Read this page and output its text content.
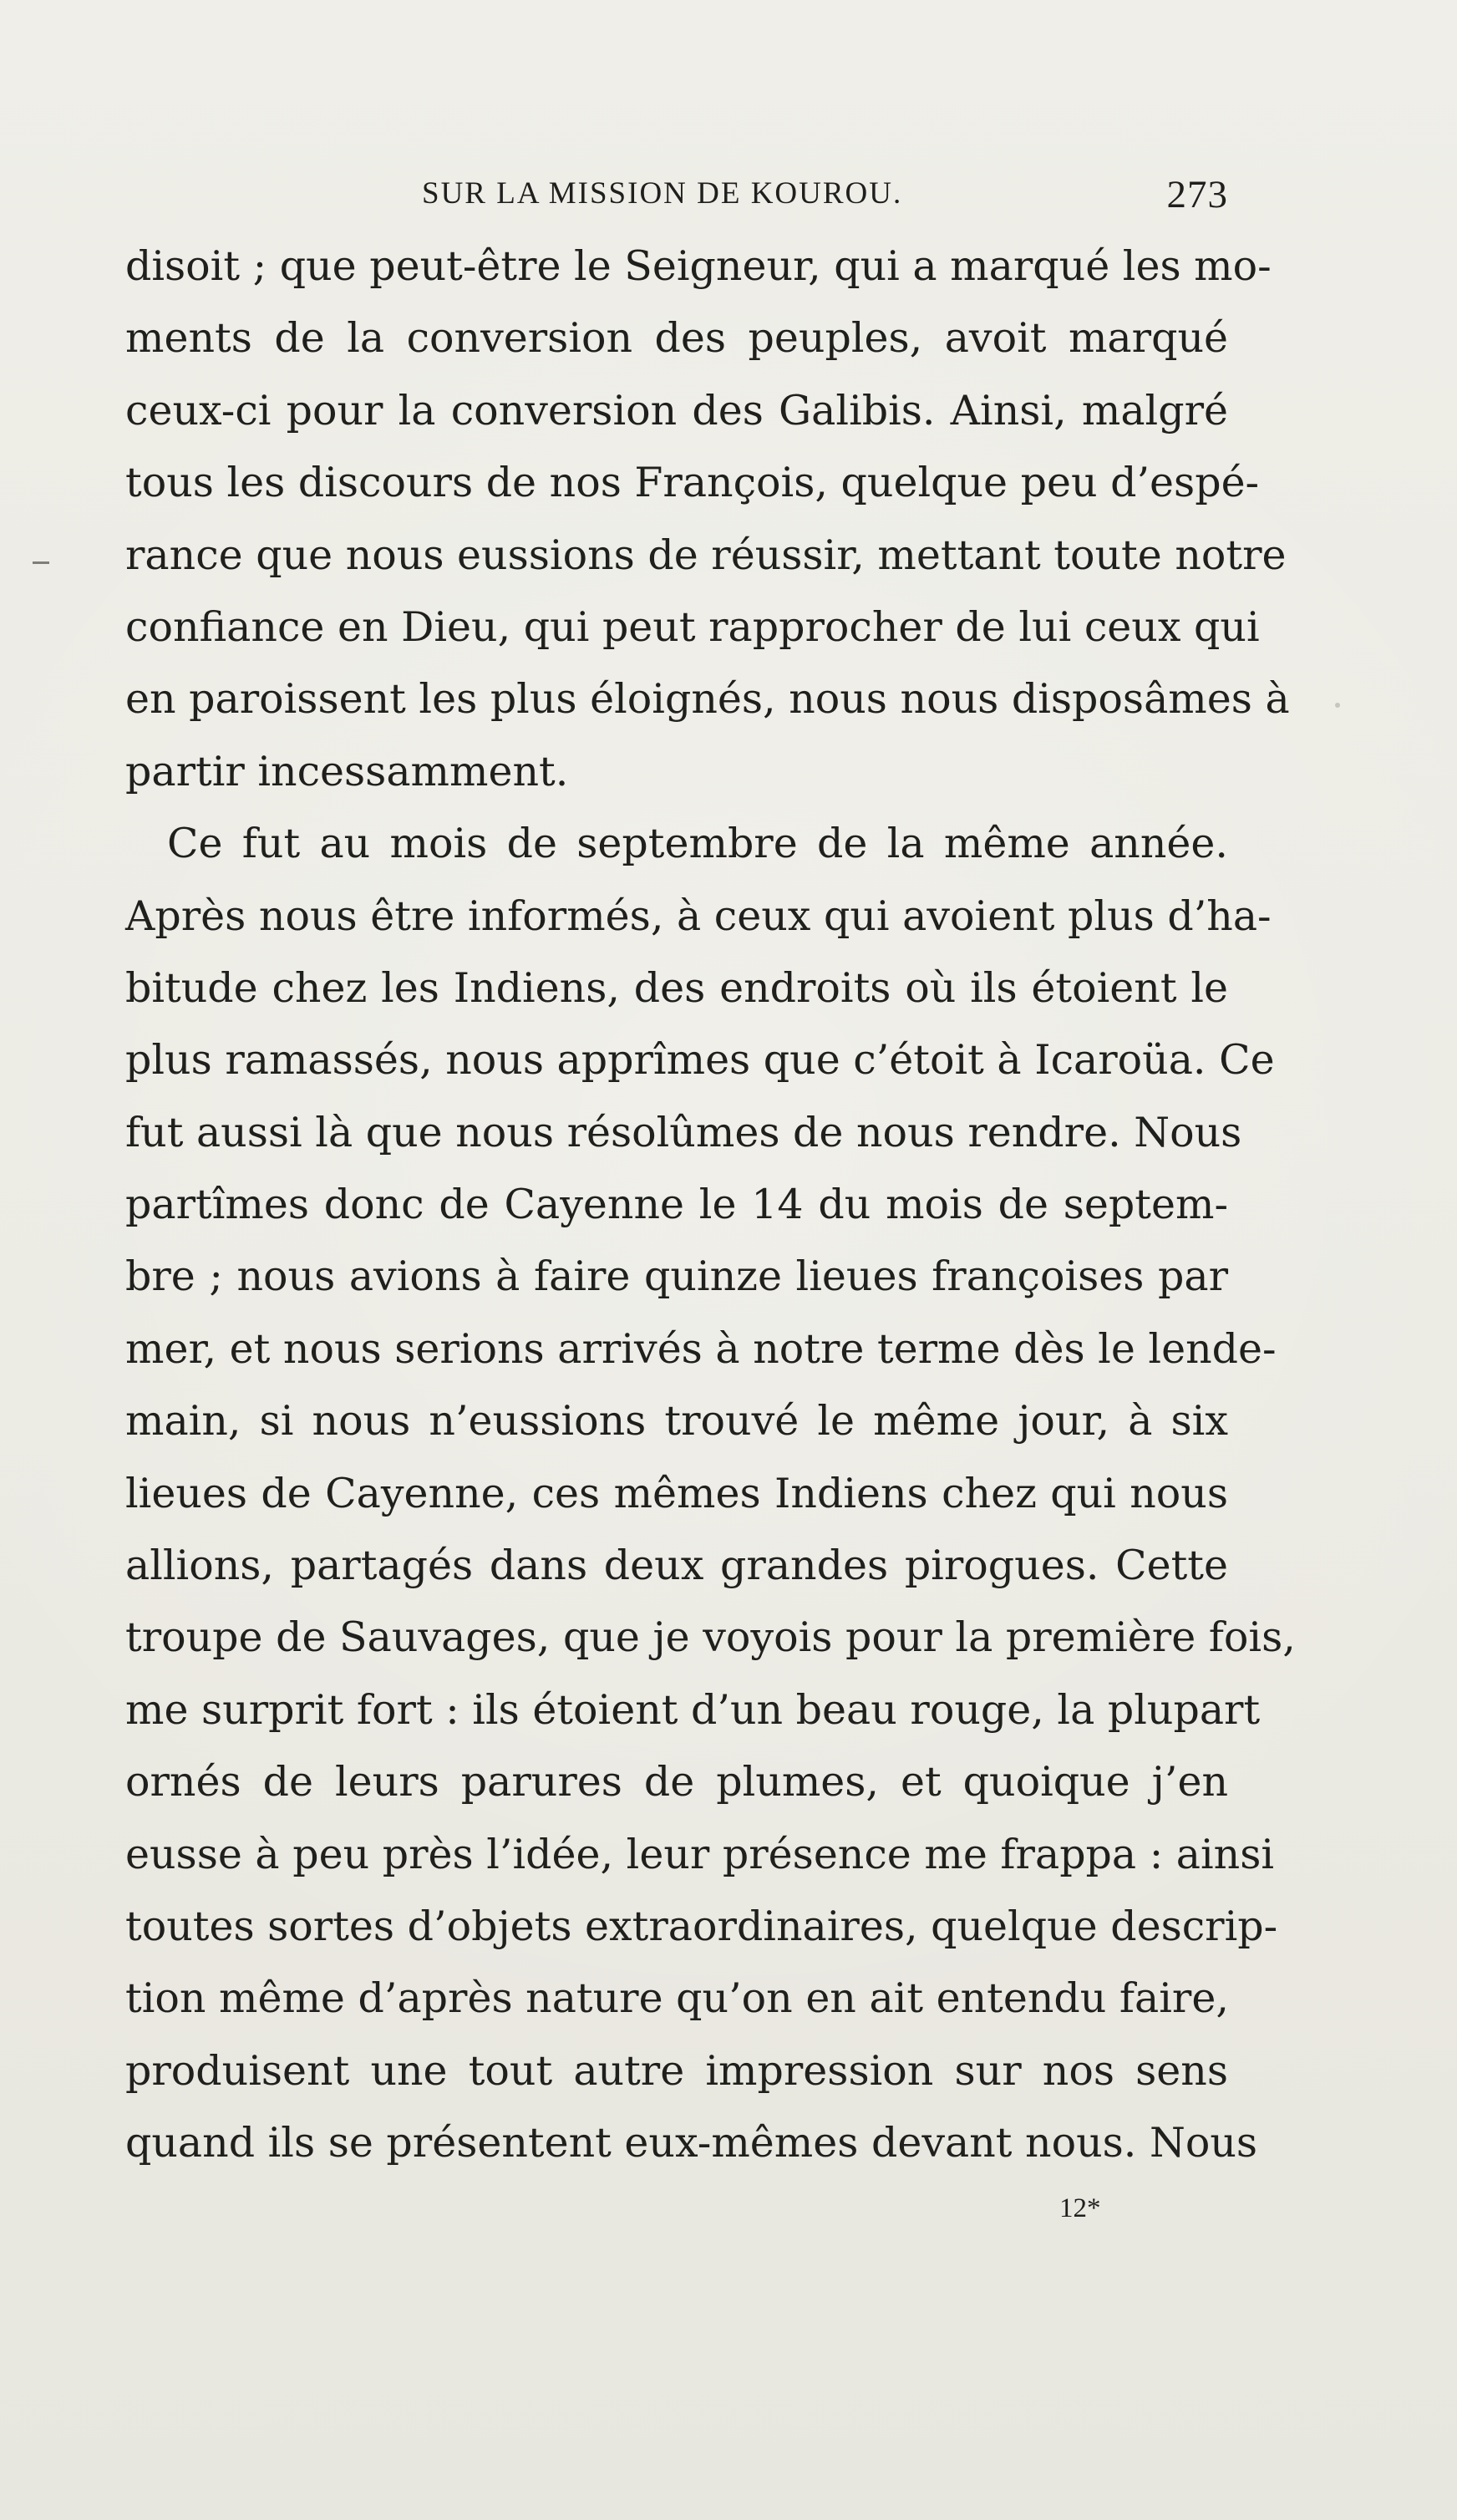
SUR LA MISSION DE KOUROU.	273
disoit ; que peut-être le Seigneur, qui a marqué les mo-
ments de la conversion des peuples, avoit marqué
ceux-ci pour la conversion des Galibis. Ainsi, malgré
tous les discours de nos François, quelque peu d’espé-
rance que nous eussions de réussir, mettant toute notre
confiance en Dieu, qui peut rapprocher de lui ceux qui
en paroissent les plus éloignés, nous nous disposâmes à
partir incessamment.
Ce fut au mois de septembre de la même année.
Après nous être informés, à ceux qui avoient plus d’ha-
bitude chez les Indiens, des endroits où ils étoient le
plus ramassés, nous apprîmes que c’étoit à Icaroüa. Ce
fut aussi là que nous résolûmes de nous rendre. Nous
partîmes donc de Cayenne le 14 du mois de septem-
bre ; nous avions à faire quinze lieues françoises par
mer, et nous serions arrivés à notre terme dès le lende-
main, si nous n’eussions trouvé le même jour, à six
lieues de Cayenne, ces mêmes Indiens chez qui nous
allions, partagés dans deux grandes pirogues. Cette
troupe de Sauvages, que je voyois pour la première fois,
me surprit fort : ils étoient d’un beau rouge, la plupart
ornés de leurs parures de plumes, et quoique j’en
eusse à peu près l’idée, leur présence me frappa : ainsi
toutes sortes d’objets extraordinaires, quelque descrip-
tion même d’après nature qu’on en ait entendu faire,
produisent une tout autre impression sur nos sens
quand ils se présentent eux-mêmes devant nous. Nous
12*
